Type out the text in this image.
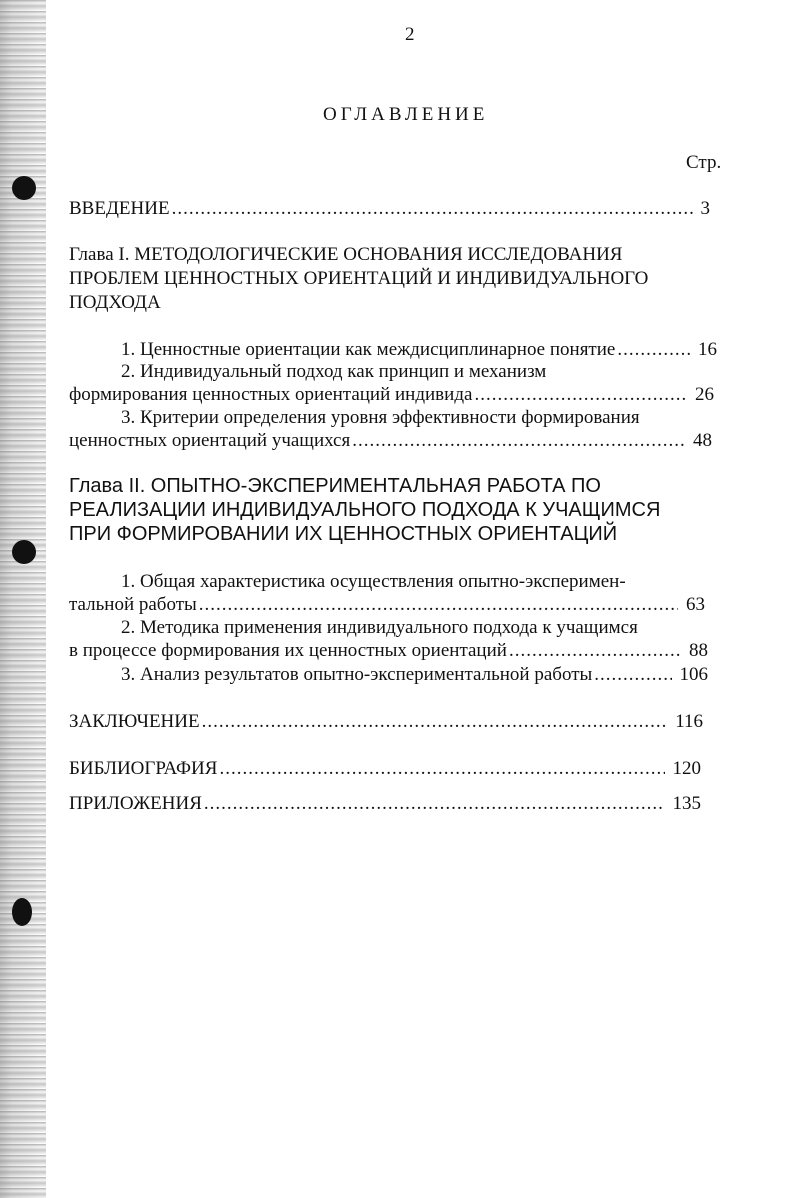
2
ОГЛАВЛЕНИЕ
Стр.
ВВЕДЕНИЕ .....	3
Глава I. МЕТОДОЛОГИЧЕСКИЕ ОСНОВАНИЯ ИССЛЕДОВАНИЯ
ПРОБЛЕМ ЦЕННОСТНЫХ ОРИЕНТАЦИЙ И ИНДИВИДУАЛЬНОГО
ПОДХОДА
1. Ценностные ориентации как междисциплинарное понятие .....	16
2. Индивидуальный подход как принцип и механизм
формирования ценностных ориентаций индивида .....	26
3. Критерии определения уровня эффективности формирования
ценностных ориентаций учащихся .....	48
Глава II. ОПЫТНО-ЭКСПЕРИМЕНТАЛЬНАЯ РАБОТА ПО
РЕАЛИЗАЦИИ ИНДИВИДУАЛЬНОГО ПОДХОДА К УЧАЩИМСЯ
ПРИ ФОРМИРОВАНИИ ИХ ЦЕННОСТНЫХ ОРИЕНТАЦИЙ
1. Общая характеристика осуществления опытно-эксперимен-
тальной работы .....	63
2. Методика применения индивидуального подхода к учащимся
в процессе формирования их ценностных ориентаций .....	88
3. Анализ результатов опытно-экспериментальной работы .....	106
ЗАКЛЮЧЕНИЕ .....	116
БИБЛИОГРАФИЯ .....	120
ПРИЛОЖЕНИЯ .....	135
